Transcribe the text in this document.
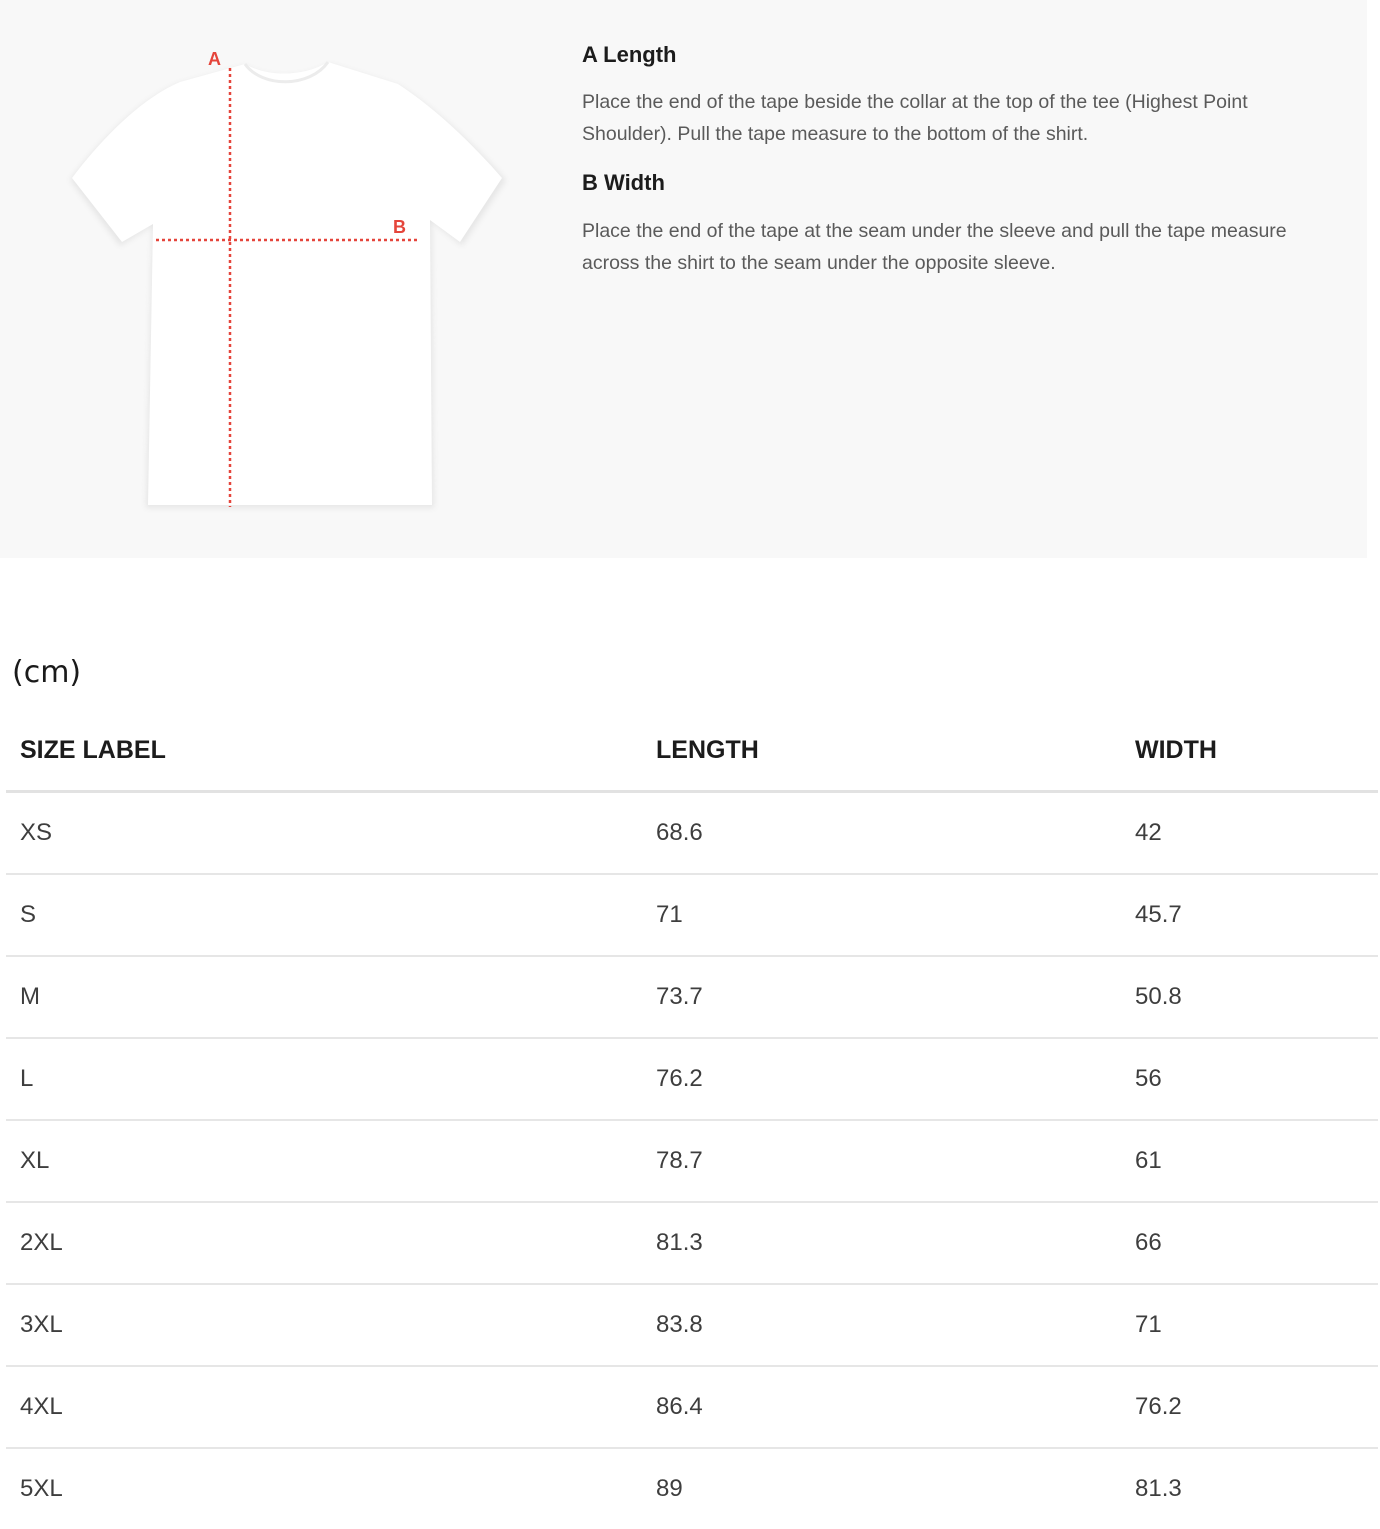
A
B
A Length

Place the end of the tape beside the collar at the top of the tee (Highest Point Shoulder). Pull the tape measure to the bottom of the shirt.

B Width

Place the end of the tape at the seam under the sleeve and pull the tape measure across the shirt to the seam under the opposite sleeve.

(cm)
SIZE LABEL	LENGTH	WIDTH
XS	68.6	42
S	71	45.7
M	73.7	50.8
L	76.2	56
XL	78.7	61
2XL	81.3	66
3XL	83.8	71
4XL	86.4	76.2
5XL	89	81.3
